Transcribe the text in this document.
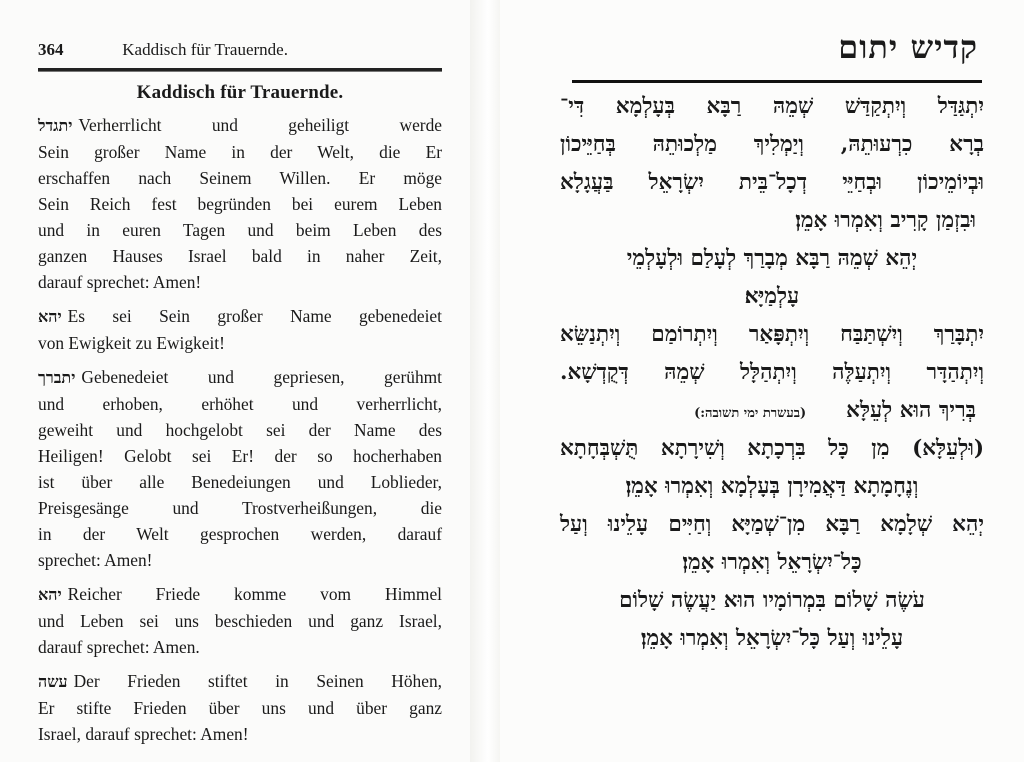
364	Kaddisch für Trauernde.
Kaddisch für Trauernde.
יתגדל Verherrlicht und geheiligt werde
Sein großer Name in der Welt, die Er
erschaffen nach Seinem Willen. Er möge
Sein Reich fest begründen bei eurem Leben
und in euren Tagen und beim Leben des
ganzen Hauses Israel bald in naher Zeit,
darauf sprechet: Amen!
יהא Es sei Sein großer Name gebenedeiet
von Ewigkeit zu Ewigkeit!
יתברך Gebenedeiet und gepriesen, gerühmt
und erhoben, erhöhet und verherrlicht,
geweiht und hochgelobt sei der Name des
Heiligen! Gelobt sei Er! der so hocherhaben
ist über alle Benedeiungen und Loblieder,
Preisgesänge und Trostverheißungen, die
in der Welt gesprochen werden, darauf
sprechet: Amen!
יהא Reicher Friede komme vom Himmel
und Leben sei uns beschieden und ganz Israel,
darauf sprechet: Amen.
עשה Der Frieden stiftet in Seinen Höhen,
Er stifte Frieden über uns und über ganz
Israel, darauf sprechet: Amen!
קדיש יתום
יִתְגַּדַּל וְיִתְקַדַּשׁ שְׁמֵהּ רַבָּא בְּעָלְמָא דִּי־
בְרָא כִרְעוּתֵהּ, וְיַמְלִיךְ מַלְכוּתֵהּ בְּחַיֵּיכוֹן
וּבְיוֹמֵיכוֹן וּבְחַיֵּי דְכָל־בֵּית יִשְׂרָאֵל בַּעֲגָלָא
וּבִזְמַן קָרִיב וְאִמְרוּ אָמֵן׃
יְהֵא שְׁמֵהּ רַבָּא מְבָרַךְ לְעָלַם וּלְעָלְמֵי
עָלְמַיָּא׃
יִתְבָּרַךְ וְיִשְׁתַּבַּח וְיִתְפָּאַר וְיִתְרוֹמַם וְיִתְנַשֵּׂא
וְיִתְהַדָּר וְיִתְעַלֶּה וְיִתְהַלָּל שְׁמֵהּ דְּקֻדְשָׁא.
בְּרִיךְ הוּא לְעֵלָּא(בעשרת ימי תשובה:)
(וּלְעֵלָּא) מִן כָּל בִּרְכָתָא וְשִׁירָתָא תֻּשְׁבְּחָתָא
וְנֶחָמָתָא דַּאֲמִירָן בְּעָלְמָא וְאִמְרוּ אָמֵן׃
יְהֵא שְׁלָמָא רַבָּא מִן־שְׁמַיָּא וְחַיִּים עָלֵינוּ וְעַל
כָּל־יִשְׂרָאֵל וְאִמְרוּ אָמֵן׃
עֹשֶׂה שָׁלוֹם בִּמְרוֹמָיו הוּא יַעֲשֶׂה שָׁלוֹם
עָלֵינוּ וְעַל כָּל־יִשְׂרָאֵל וְאִמְרוּ אָמֵן׃
